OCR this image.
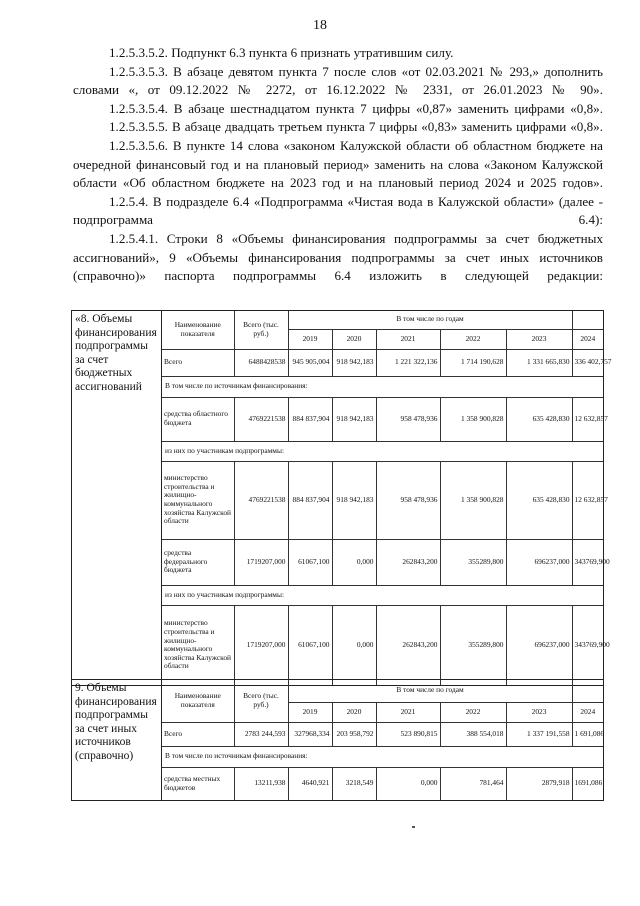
18

1.2.5.3.5.2. Подпункт 6.3 пункта 6 признать утратившим силу.

1.2.5.3.5.3. В абзаце девятом пункта 7 после слов «от 02.03.2021 № 293,» дополнить словами «, от 09.12.2022 № 2272, от 16.12.2022 № 2331, от 26.01.2023 № 90».

1.2.5.3.5.4. В абзаце шестнадцатом пункта 7 цифры «0,87» заменить цифрами «0,8».

1.2.5.3.5.5. В абзаце двадцать третьем пункта 7 цифры «0,83» заменить цифрами «0,8».

1.2.5.3.5.6. В пункте 14 слова «законом Калужской области об областном бюджете на очередной финансовый год и на плановый период» заменить на слова «Законом Калужской области «Об областном бюджете на 2023 год и на плановый период 2024 и 2025 годов».

1.2.5.4. В подразделе 6.4 «Подпрограмма «Чистая вода в Калужской области» (далее - подпрограмма 6.4):

1.2.5.4.1. Строки 8 «Объемы финансирования подпрограммы за счет бюджетных ассигнований», 9 «Объемы финансирования подпрограммы за счет иных источников (справочно)» паспорта подпрограммы 6.4 изложить в следующей редакции:

«8. Объемы финансирования подпрограммы за счет бюджетных ассигнований	
Наименование показателя	Всего (тыс. руб.)	В том числе по годам	
2019	2020	2021	2022	2023	2024
Всего	6488428538	945 905,004	918 942,183	1 221 322,136	1 714 190,628	1 331 665,830	336 402,757
В том числе по источникам финансирования:
средства областного бюджета	4769221538	884 837,904	918 942,183	958 478,936	1 358 900,828	635 428,830	12 632,857
из них по участникам подпрограммы:
министерство строительства и жилищно-коммунального хозяйства Калужской области	4769221538	884 837,904	918 942,183	958 478,936	1 358 900,828	635 428,830	12 632,857
средства федерального бюджета	1719207,000	61067,100	0,000	262843,200	355289,800	696237,000	343769,900
из них по участникам подпрограммы:
министерство строительства и жилищно-коммунального хозяйства Калужской области	1719207,000	61067,100	0,000	262843,200	355289,800	696237,000	343769,900
9. Объемы финансирования подпрограммы за счет иных источников (справочно)	
Наименование показателя	Всего (тыс. руб.)	В том числе по годам	
2019	2020	2021	2022	2023	2024
Всего	2783 244,593	327968,334	203 958,792	523 890,815	388 554,018	1 337 191,558	1 691,086
В том числе по источникам финансирования:
средства местных бюджетов	13211,938	4640,921	3218,549	0,000	781,464	2879,918	1691,086
